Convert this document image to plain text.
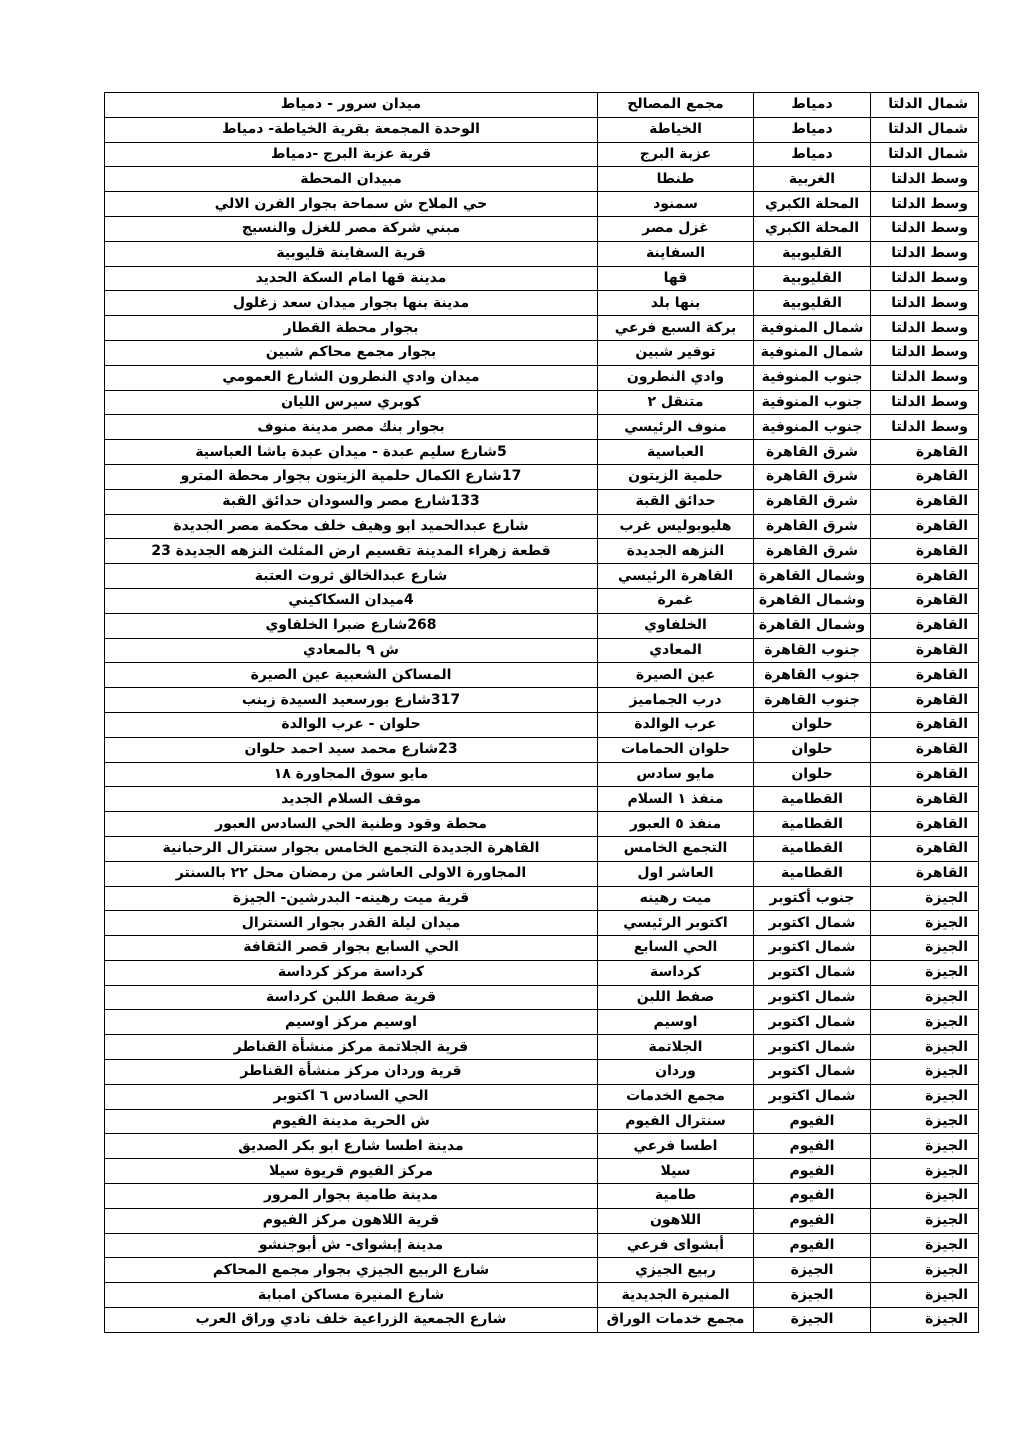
شمال الدلتا	دمياط	مجمع المصالح	ميدان سرور - دمياط
شمال الدلتا	دمياط	الخياطة	الوحدة المجمعة بقرية الخياطة- دمياط
شمال الدلتا	دمياط	عزبة البرج	قرية عزبة البرج -دمياط
وسط الدلتا	الغربية	طنطا	مبيدان المحطة
وسط الدلتا	المحلة الكبري	سمنود	حي الملاح ش سماحة بجوار الفرن الالي
وسط الدلتا	المحلة الكبري	غزل مصر	مبني شركة مصر للغزل والنسيج
وسط الدلتا	القليوبية	السفاينة	قرية السفاينة قليوبية
وسط الدلتا	القليوبية	قها	مدينة قها امام السكة الحديد
وسط الدلتا	القليوبية	بنها بلد	مدينة بنها بجوار ميدان سعد زغلول
وسط الدلتا	شمال المنوفية	بركة السبع فرعي	بجوار محطة القطار
وسط الدلتا	شمال المنوفية	توفير شبين	بجوار مجمع محاكم شبين
وسط الدلتا	جنوب المنوفية	وادي النطرون	ميدان وادي النطرون الشارع العمومي
وسط الدلتا	جنوب المنوفية	متنقل ٢	كوبري سيرس الليان
وسط الدلتا	جنوب المنوفية	منوف الرئيسي	بجوار بنك مصر مدينة منوف
القاهرة	شرق القاهرة	العباسية	5شارع سليم عبدة - ميدان عبدة باشا العباسية
القاهرة	شرق القاهرة	حلمية الزيتون	17شارع الكمال حلمية الزيتون بجوار محطة المترو
القاهرة	شرق القاهرة	حدائق القبة	133شارع مصر والسودان حدائق القبة
القاهرة	شرق القاهرة	هليوبوليس غرب	شارع عبدالحميد ابو وهيف خلف محكمة مصر الجديدة
القاهرة	شرق القاهرة	النزهه الجديدة	قطعة زهراء المدينة تقسيم ارض المثلث النزهه الجديدة 23
القاهرة	وشمال القاهرة	القاهرة الرئيسي	شارع عبدالخالق ثروت العتبة
القاهرة	وشمال القاهرة	غمرة	4ميدان السكاكيني
القاهرة	وشمال القاهرة	الخلفاوي	268شارع ضبرا الخلفاوي
القاهرة	جنوب القاهرة	المعادي	ش ٩ بالمعادي
القاهرة	جنوب القاهرة	عين الصيرة	المساكن الشعبية عين الصيرة
القاهرة	جنوب القاهرة	درب الجماميز	317شارع بورسعيد السيدة زينب
القاهرة	حلوان	عرب الوالدة	حلوان - عرب الوالدة
القاهرة	حلوان	حلوان الحمامات	23شارع محمد سيد احمد حلوان
القاهرة	حلوان	مايو سادس	مايو سوق المجاورة ١٨
القاهرة	القطامية	منفذ ١ السلام	موقف السلام الجديد
القاهرة	القطامية	منفذ ٥ العبور	محطة وقود وطنية الحي السادس العبور
القاهرة	القطامية	التجمع الخامس	القاهرة الجديدة التجمع الخامس بجوار سنترال الرحبانية
القاهرة	القطامية	العاشر اول	المجاورة الاولى العاشر من رمضان محل ٢٢ بالسنتر
الجيزة	جنوب أكتوبر	ميت رهينه	قرية ميت رهينه- البدرشين- الجيزة
الجيزة	شمال اكتوبر	اكتوبر الرئيسي	ميدان ليلة القدر بجوار السنترال
الجيزة	شمال اكتوبر	الحي السابع	الحي السابع بجوار قصر الثقافة
الجيزة	شمال اكتوبر	كرداسة	كرداسة مركز كرداسة
الجيزة	شمال اكتوبر	صفط اللبن	قرية صفط اللبن كرداسة
الجيزة	شمال اكتوبر	اوسيم	اوسيم مركز اوسيم
الجيزة	شمال اكتوبر	الجلاتمة	قرية الجلاتمة مركز منشأة القناطر
الجيزة	شمال اكتوبر	وردان	قرية وردان مركز منشأة القناطر
الجيزة	شمال اكتوبر	مجمع الخدمات	الحي السادس ٦ اكتوبر
الجيزة	الفيوم	سنترال الفيوم	ش الحرية مدينة الفيوم
الجيزة	الفيوم	اطسا فرعي	مدينة اطسا شارع ابو بكر الصديق
الجيزة	الفيوم	سيلا	مركز الفيوم قريوة سيلا
الجيزة	الفيوم	طامية	مدينة طامية بجوار المرور
الجيزة	الفيوم	اللاهون	قرية اللاهون مركز الفيوم
الجيزة	الفيوم	أبشواى فرعي	مدينة إبشواى- ش أبوجنشو
الجيزة	الجيزة	ربيع الجيزي	شارع الربيع الجيزي بجوار مجمع المحاكم
الجيزة	الجيزة	المنيرة الجديدية	شارع المنيرة مساكن امبابة
الجيزة	الجيزة	مجمع خدمات الوراق	شارع الجمعية الزراعية خلف نادي وراق العرب
